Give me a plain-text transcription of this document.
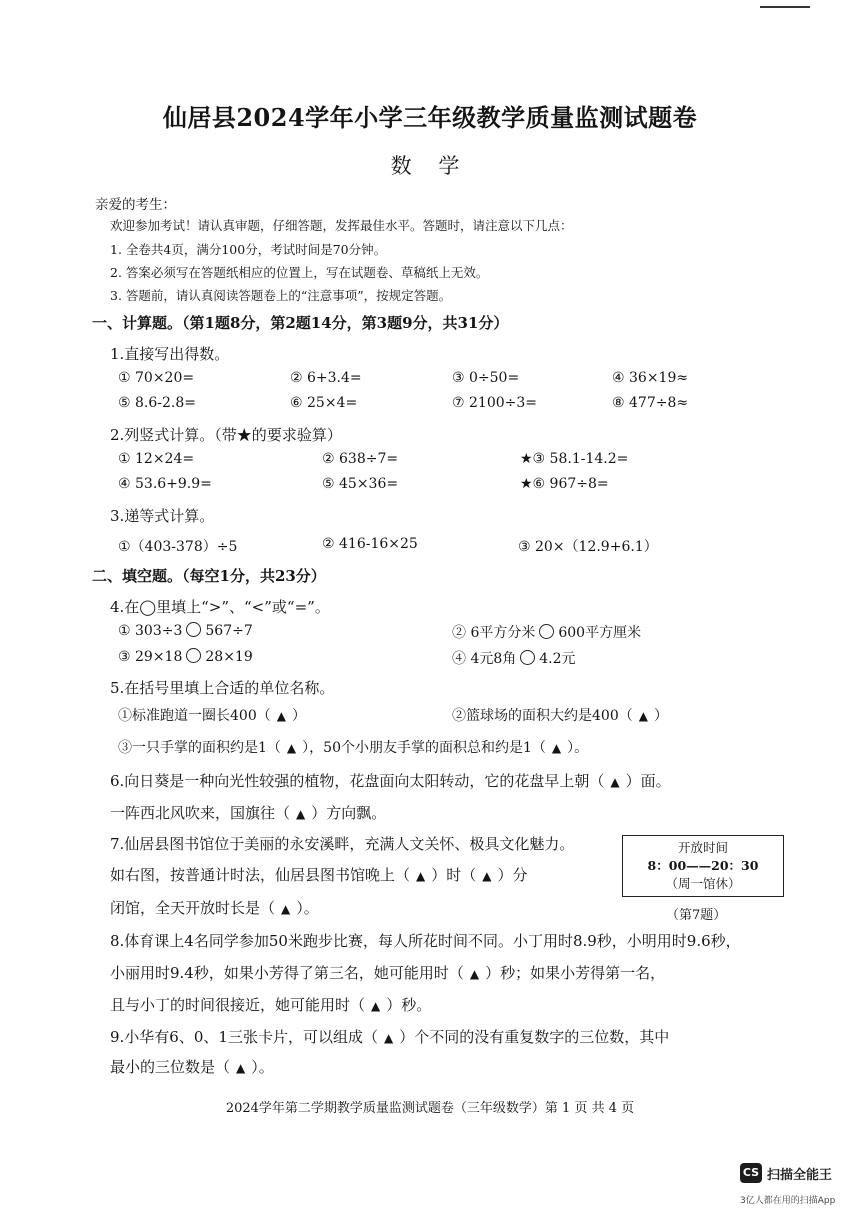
仙居县2024学年小学三年级教学质量监测试题卷
数 学
亲爱的考生：
欢迎参加考试！请认真审题，仔细答题，发挥最佳水平。答题时，请注意以下几点：
1. 全卷共4页，满分100分，考试时间是70分钟。
2. 答案必须写在答题纸相应的位置上，写在试题卷、草稿纸上无效。
3. 答题前，请认真阅读答题卷上的“注意事项”，按规定答题。
一、计算题。（第1题8分，第2题14分，第3题9分，共31分）
1.直接写出得数。
① 70×20=	② 6+3.4=	③ 0÷50=	④ 36×19≈
⑤ 8.6-2.8=	⑥ 25×4=	⑦ 2100÷3=	⑧ 477÷8≈
2.列竖式计算。（带★的要求验算）
① 12×24=	② 638÷7=	★③ 58.1-14.2=
④ 53.6+9.9=	⑤ 45×36=	★⑥ 967÷8=
3.递等式计算。
①（403-378）÷5	② 416-16×25	③ 20×（12.9+6.1）
二、填空题。（每空1分，共23分）
4.在◯里填上“>”、“<”或“=”。
① 303÷3 567÷7	② 6平方分米 600平方厘米
③ 29×18 28×19	④ 4元8角 4.2元
5.在括号里填上合适的单位名称。
①标准跑道一圈长400（ ▲ ）	②篮球场的面积大约是400（ ▲ ）
③一只手掌的面积约是1（ ▲ ），50个小朋友手掌的面积总和约是1（ ▲ ）。
6.向日葵是一种向光性较强的植物，花盘面向太阳转动，它的花盘早上朝（ ▲ ）面。
一阵西北风吹来，国旗往（ ▲ ）方向飘。
7.仙居县图书馆位于美丽的永安溪畔，充满人文关怀、极具文化魅力。
如右图，按普通计时法，仙居县图书馆晚上（ ▲ ）时（ ▲ ）分
闭馆，全天开放时长是（ ▲ ）。
开放时间
8：00——20：30
（周一馆休）
（第7题）
8.体育课上4名同学参加50米跑步比赛，每人所花时间不同。小丁用时8.9秒，小明用时9.6秒，
小丽用时9.4秒，如果小芳得了第三名，她可能用时（ ▲ ）秒；如果小芳得第一名，
且与小丁的时间很接近，她可能用时（ ▲ ）秒。
9.小华有6、0、1三张卡片，可以组成（ ▲ ）个不同的没有重复数字的三位数，其中
最小的三位数是（ ▲ ）。
2024学年第二学期教学质量监测试题卷（三年级数学）第 1 页 共 4 页
CS 扫描全能王
3亿人都在用的扫描App
